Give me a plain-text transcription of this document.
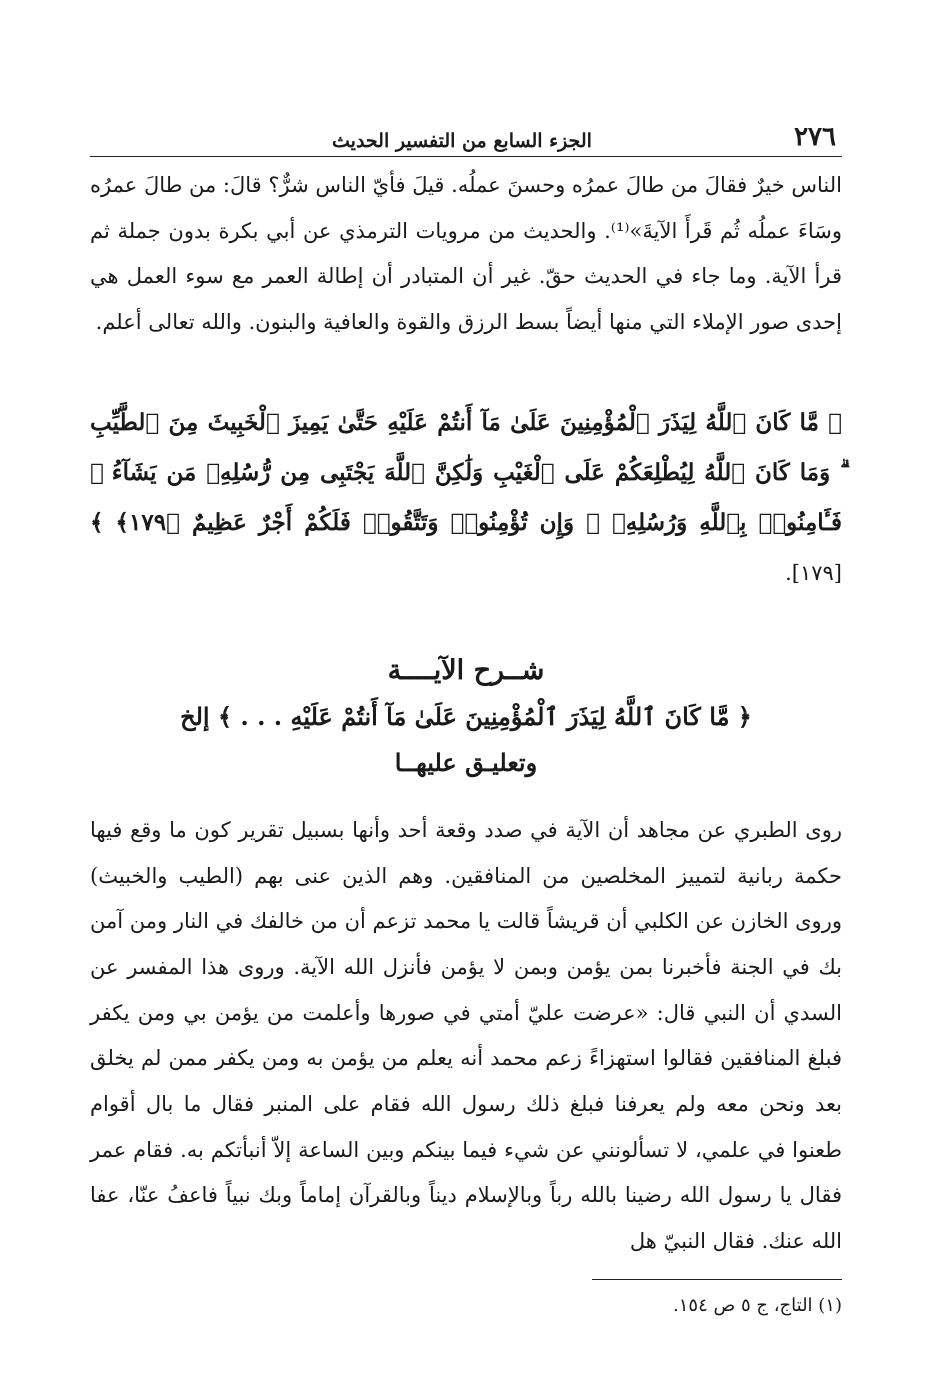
٢٧٦
الجزء السابع من التفسير الحديث

الناس خيرٌ فقالَ من طالَ عمرُه وحسنَ عملُه. قيلَ فأيّ الناس شرٌّ؟ قالَ: من طالَ عمرُه وسَاءَ عملُه ثُم قَرأَ الآيةَ»⁽¹⁾. والحديث من مرويات الترمذي عن أبي بكرة بدون جملة ثم قرأ الآية. وما جاء في الحديث حقّ. غير أن المتبادر أن إطالة العمر مع سوء العمل هي إحدى صور الإملاء التي منها أيضاً بسط الرزق والقوة والعافية والبنون. والله تعالى أعلم.

﴿ مَّا كَانَ ٱللَّهُ لِيَذَرَ ٱلْمُؤْمِنِينَ عَلَىٰ مَآ أَنتُمْ عَلَيْهِ حَتَّىٰ يَمِيزَ ٱلْخَبِيثَ مِنَ ٱلطَّيِّبِ ۗ وَمَا كَانَ ٱللَّهُ لِيُطْلِعَكُمْ عَلَى ٱلْغَيْبِ وَلَٰكِنَّ ٱللَّهَ يَجْتَبِى مِن رُّسُلِهِۦ مَن يَشَآءُ ۖ فَـَٔامِنُوا۟ بِٱللَّهِ وَرُسُلِهِۦ ۚ وَإِن تُؤْمِنُوا۟ وَتَتَّقُوا۟ فَلَكُمْ أَجْرٌ عَظِيمٌ ﴿١٧٩﴾ ﴾ [١٧٩].

شــرح الآيــــة
﴿ مَّا كَانَ ٱللَّهُ لِيَذَرَ ٱلْمُؤْمِنِينَ عَلَىٰ مَآ أَنتُمْ عَلَيْهِ . . . ﴾ إلخ
وتعليـق عليهــا

روى الطبري عن مجاهد أن الآية في صدد وقعة أحد وأنها بسبيل تقرير كون ما وقع فيها حكمة ربانية لتمييز المخلصين من المنافقين. وهم الذين عنى بهم (الطيب والخبيث) وروى الخازن عن الكلبي أن قريشاً قالت يا محمد تزعم أن من خالفك في النار ومن آمن بك في الجنة فأخبرنا بمن يؤمن وبمن لا يؤمن فأنزل الله الآية. وروى هذا المفسر عن السدي أن النبي قال: «عرضت عليّ أمتي في صورها وأعلمت من يؤمن بي ومن يكفر فبلغ المنافقين فقالوا استهزاءً زعم محمد أنه يعلم من يؤمن به ومن يكفر ممن لم يخلق بعد ونحن معه ولم يعرفنا فبلغ ذلك رسول الله فقام على المنبر فقال ما بال أقوام طعنوا في علمي، لا تسألونني عن شيء فيما بينكم وبين الساعة إلاّ أنبأتكم به. فقام عمر فقال يا رسول الله رضينا بالله رباً وبالإسلام ديناً وبالقرآن إماماً وبك نبياً فاعفُ عنّا، عفا الله عنك. فقال النبيّ هل

(١) التاج، ج ٥ ص ١٥٤.
